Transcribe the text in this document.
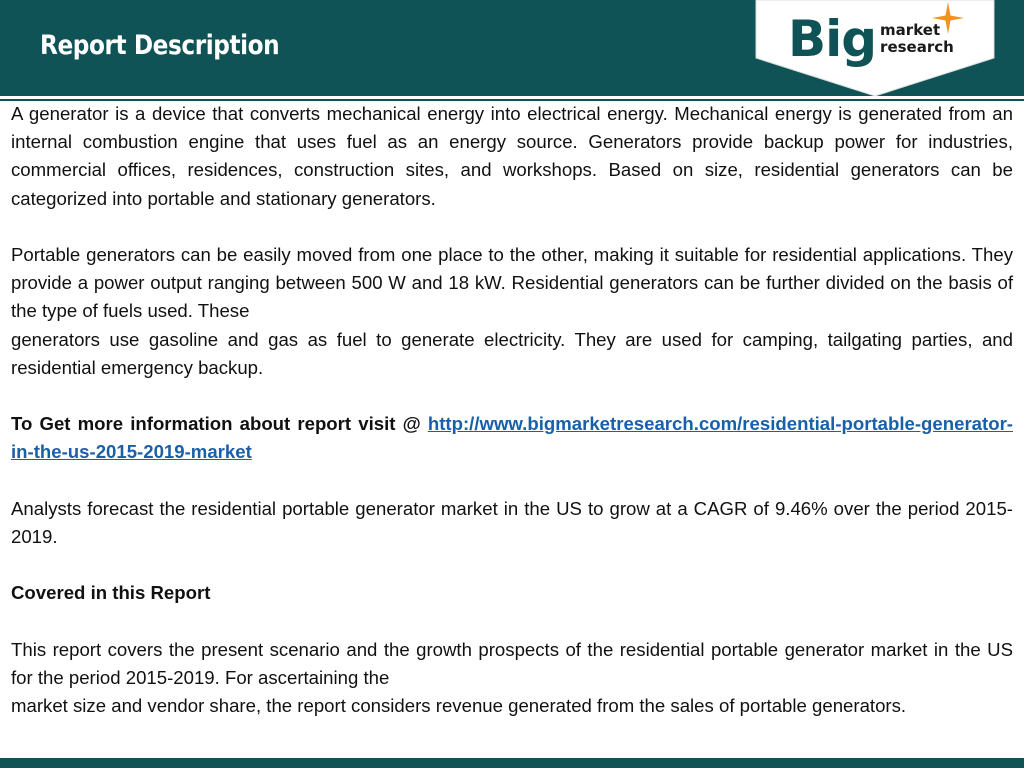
Report Description	Big market
research

A generator is a device that converts mechanical energy into electrical energy. Mechanical energy is generated from an internal combustion engine that uses fuel as an energy source. Generators provide backup power for industries, commercial offices, residences, construction sites, and workshops. Based on size, residential generators can be categorized into portable and stationary generators.

Portable generators can be easily moved from one place to the other, making it suitable for residential applications. They provide a power output ranging between 500 W and 18 kW. Residential generators can be further divided on the basis of the type of fuels used. These

generators use gasoline and gas as fuel to generate electricity. They are used for camping, tailgating parties, and residential emergency backup.

To Get more information about report visit @ http://www.bigmarketresearch.com/residential-portable-generator-in-the-us-2015-2019-market

Analysts forecast the residential portable generator market in the US to grow at a CAGR of 9.46% over the period 2015-2019.

Covered in this Report

This report covers the present scenario and the growth prospects of the residential portable generator market in the US for the period 2015-2019. For ascertaining the

market size and vendor share, the report considers revenue generated from the sales of portable generators.
